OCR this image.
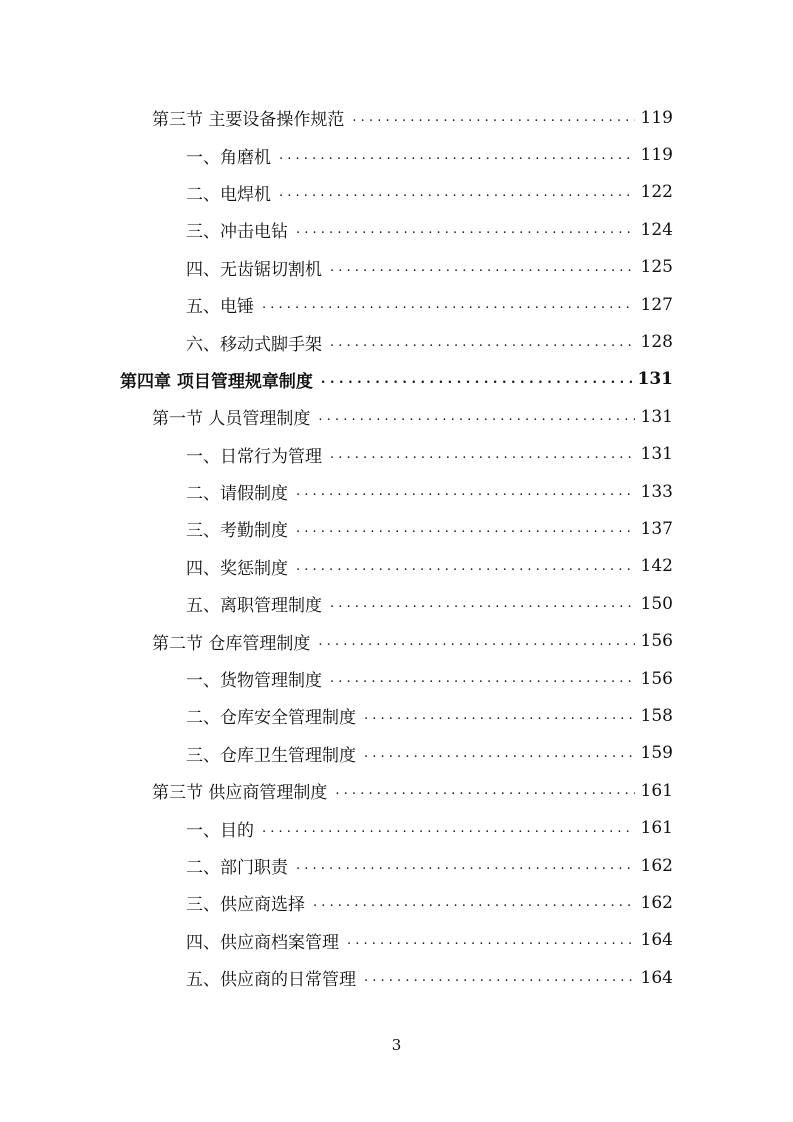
第三节 主要设备操作规范 . . .	119
一、角磨机 . . .	119
二、电焊机 . . .	122
三、冲击电钻 . . .	124
四、无齿锯切割机 . . .	125
五、电锤 . . .	127
六、移动式脚手架 . . .	128
第四章 项目管理规章制度 . . .	131
第一节 人员管理制度 . . .	131
一、日常行为管理 . . .	131
二、请假制度 . . .	133
三、考勤制度 . . .	137
四、奖惩制度 . . .	142
五、离职管理制度 . . .	150
第二节 仓库管理制度 . . .	156
一、货物管理制度 . . .	156
二、仓库安全管理制度 . . .	158
三、仓库卫生管理制度 . . .	159
第三节 供应商管理制度 . . .	161
一、目的 . . .	161
二、部门职责 . . .	162
三、供应商选择 . . .	162
四、供应商档案管理 . . .	164
五、供应商的日常管理 . . .	164
3
